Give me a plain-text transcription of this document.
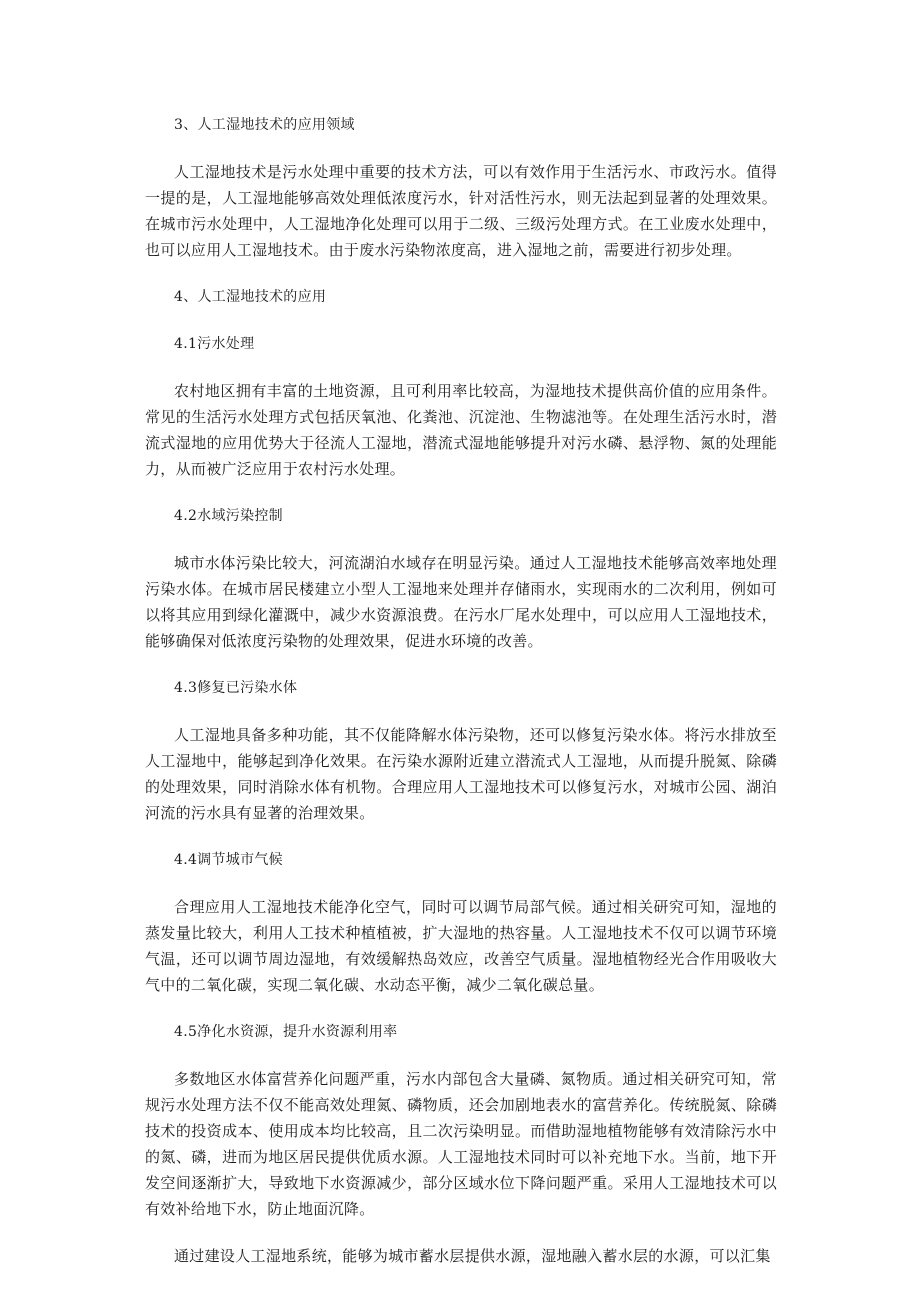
3、人工湿地技术的应用领域
人工湿地技术是污水处理中重要的技术方法，可以有效作用于生活污水、市政污水。值得一提的是，人工湿地能够高效处理低浓度污水，针对活性污水，则无法起到显著的处理效果。在城市污水处理中，人工湿地净化处理可以用于二级、三级污处理方式。在工业废水处理中，也可以应用人工湿地技术。由于废水污染物浓度高，进入湿地之前，需要进行初步处理。
4、人工湿地技术的应用
4.1污水处理
农村地区拥有丰富的土地资源，且可利用率比较高，为湿地技术提供高价值的应用条件。常见的生活污水处理方式包括厌氧池、化粪池、沉淀池、生物滤池等。在处理生活污水时，潜流式湿地的应用优势大于径流人工湿地，潜流式湿地能够提升对污水磷、悬浮物、氮的处理能力，从而被广泛应用于农村污水处理。
4.2水域污染控制
城市水体污染比较大，河流湖泊水域存在明显污染。通过人工湿地技术能够高效率地处理污染水体。在城市居民楼建立小型人工湿地来处理并存储雨水，实现雨水的二次利用，例如可以将其应用到绿化灌溉中，减少水资源浪费。在污水厂尾水处理中，可以应用人工湿地技术，能够确保对低浓度污染物的处理效果，促进水环境的改善。
4.3修复已污染水体
人工湿地具备多种功能，其不仅能降解水体污染物，还可以修复污染水体。将污水排放至人工湿地中，能够起到净化效果。在污染水源附近建立潜流式人工湿地，从而提升脱氮、除磷的处理效果，同时消除水体有机物。合理应用人工湿地技术可以修复污水，对城市公园、湖泊河流的污水具有显著的治理效果。
4.4调节城市气候
合理应用人工湿地技术能净化空气，同时可以调节局部气候。通过相关研究可知，湿地的蒸发量比较大，利用人工技术种植植被，扩大湿地的热容量。人工湿地技术不仅可以调节环境气温，还可以调节周边湿地，有效缓解热岛效应，改善空气质量。湿地植物经光合作用吸收大气中的二氧化碳，实现二氧化碳、水动态平衡，减少二氧化碳总量。
4.5净化水资源，提升水资源利用率
多数地区水体富营养化问题严重，污水内部包含大量磷、氮物质。通过相关研究可知，常规污水处理方法不仅不能高效处理氮、磷物质，还会加剧地表水的富营养化。传统脱氮、除磷技术的投资成本、使用成本均比较高，且二次污染明显。而借助湿地植物能够有效清除污水中的氮、磷，进而为地区居民提供优质水源。人工湿地技术同时可以补充地下水。当前，地下开发空间逐渐扩大，导致地下水资源减少，部分区域水位下降问题严重。采用人工湿地技术可以有效补给地下水，防止地面沉降。
通过建设人工湿地系统，能够为城市蓄水层提供水源，湿地融入蓄水层的水源，可以汇集
